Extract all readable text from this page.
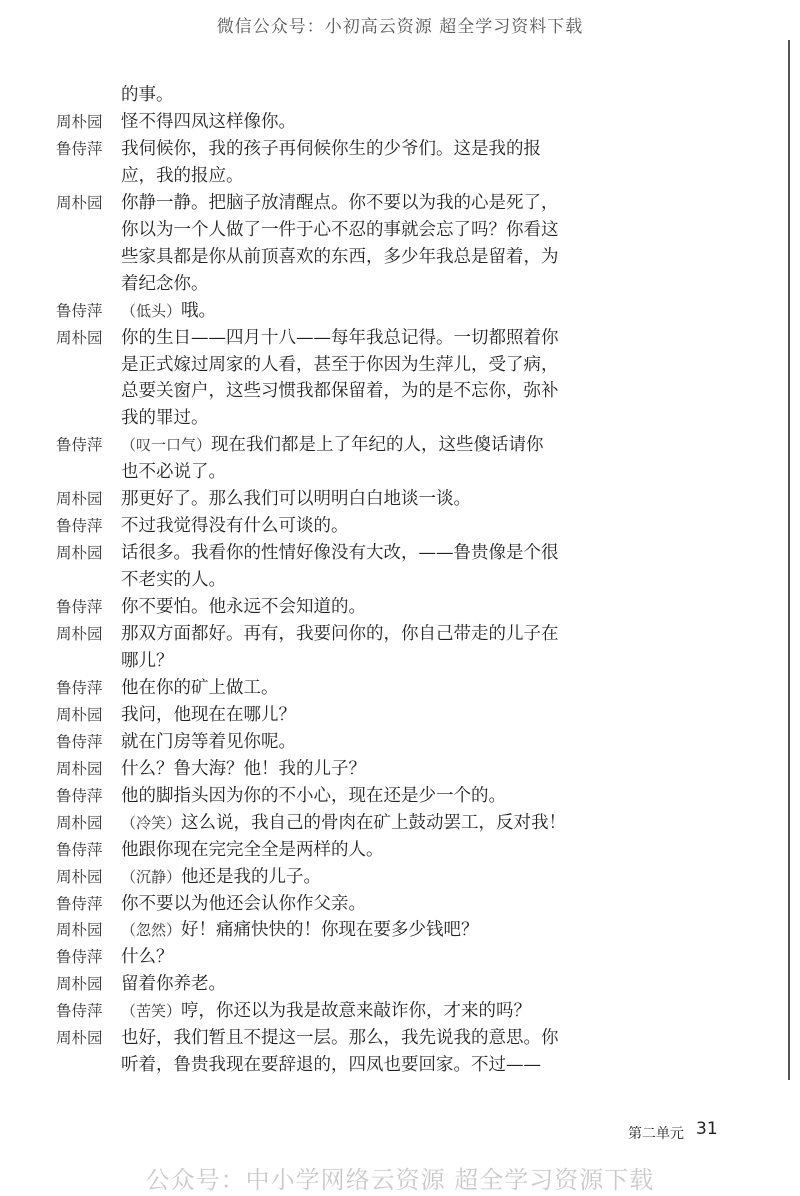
微信公众号：小初高云资源 超全学习资料下载
的事。
周朴园	怪不得四凤这样像你。
鲁侍萍	我伺候你，我的孩子再伺候你生的少爷们。这是我的报
应，我的报应。
周朴园	你静一静。把脑子放清醒点。你不要以为我的心是死了，
你以为一个人做了一件于心不忍的事就会忘了吗？你看这
些家具都是你从前顶喜欢的东西，多少年我总是留着，为
着纪念你。
鲁侍萍	（低头）哦。
周朴园	你的生日——四月十八——每年我总记得。一切都照着你
是正式嫁过周家的人看，甚至于你因为生萍儿，受了病，
总要关窗户，这些习惯我都保留着，为的是不忘你，弥补
我的罪过。
鲁侍萍	（叹一口气）现在我们都是上了年纪的人，这些傻话请你
也不必说了。
周朴园	那更好了。那么我们可以明明白白地谈一谈。
鲁侍萍	不过我觉得没有什么可谈的。
周朴园	话很多。我看你的性情好像没有大改，——鲁贵像是个很
不老实的人。
鲁侍萍	你不要怕。他永远不会知道的。
周朴园	那双方面都好。再有，我要问你的，你自己带走的儿子在
哪儿？
鲁侍萍	他在你的矿上做工。
周朴园	我问，他现在在哪儿？
鲁侍萍	就在门房等着见你呢。
周朴园	什么？鲁大海？他！我的儿子？
鲁侍萍	他的脚指头因为你的不小心，现在还是少一个的。
周朴园	（冷笑）这么说，我自己的骨肉在矿上鼓动罢工，反对我！
鲁侍萍	他跟你现在完完全全是两样的人。
周朴园	（沉静）他还是我的儿子。
鲁侍萍	你不要以为他还会认你作父亲。
周朴园	（忽然）好！痛痛快快的！你现在要多少钱吧？
鲁侍萍	什么？
周朴园	留着你养老。
鲁侍萍	（苦笑）哼，你还以为我是故意来敲诈你，才来的吗？
周朴园	也好，我们暂且不提这一层。那么，我先说我的意思。你
听着，鲁贵我现在要辞退的，四凤也要回家。不过——
第二单元 31
公众号：中小学网络云资源 超全学习资源下载
